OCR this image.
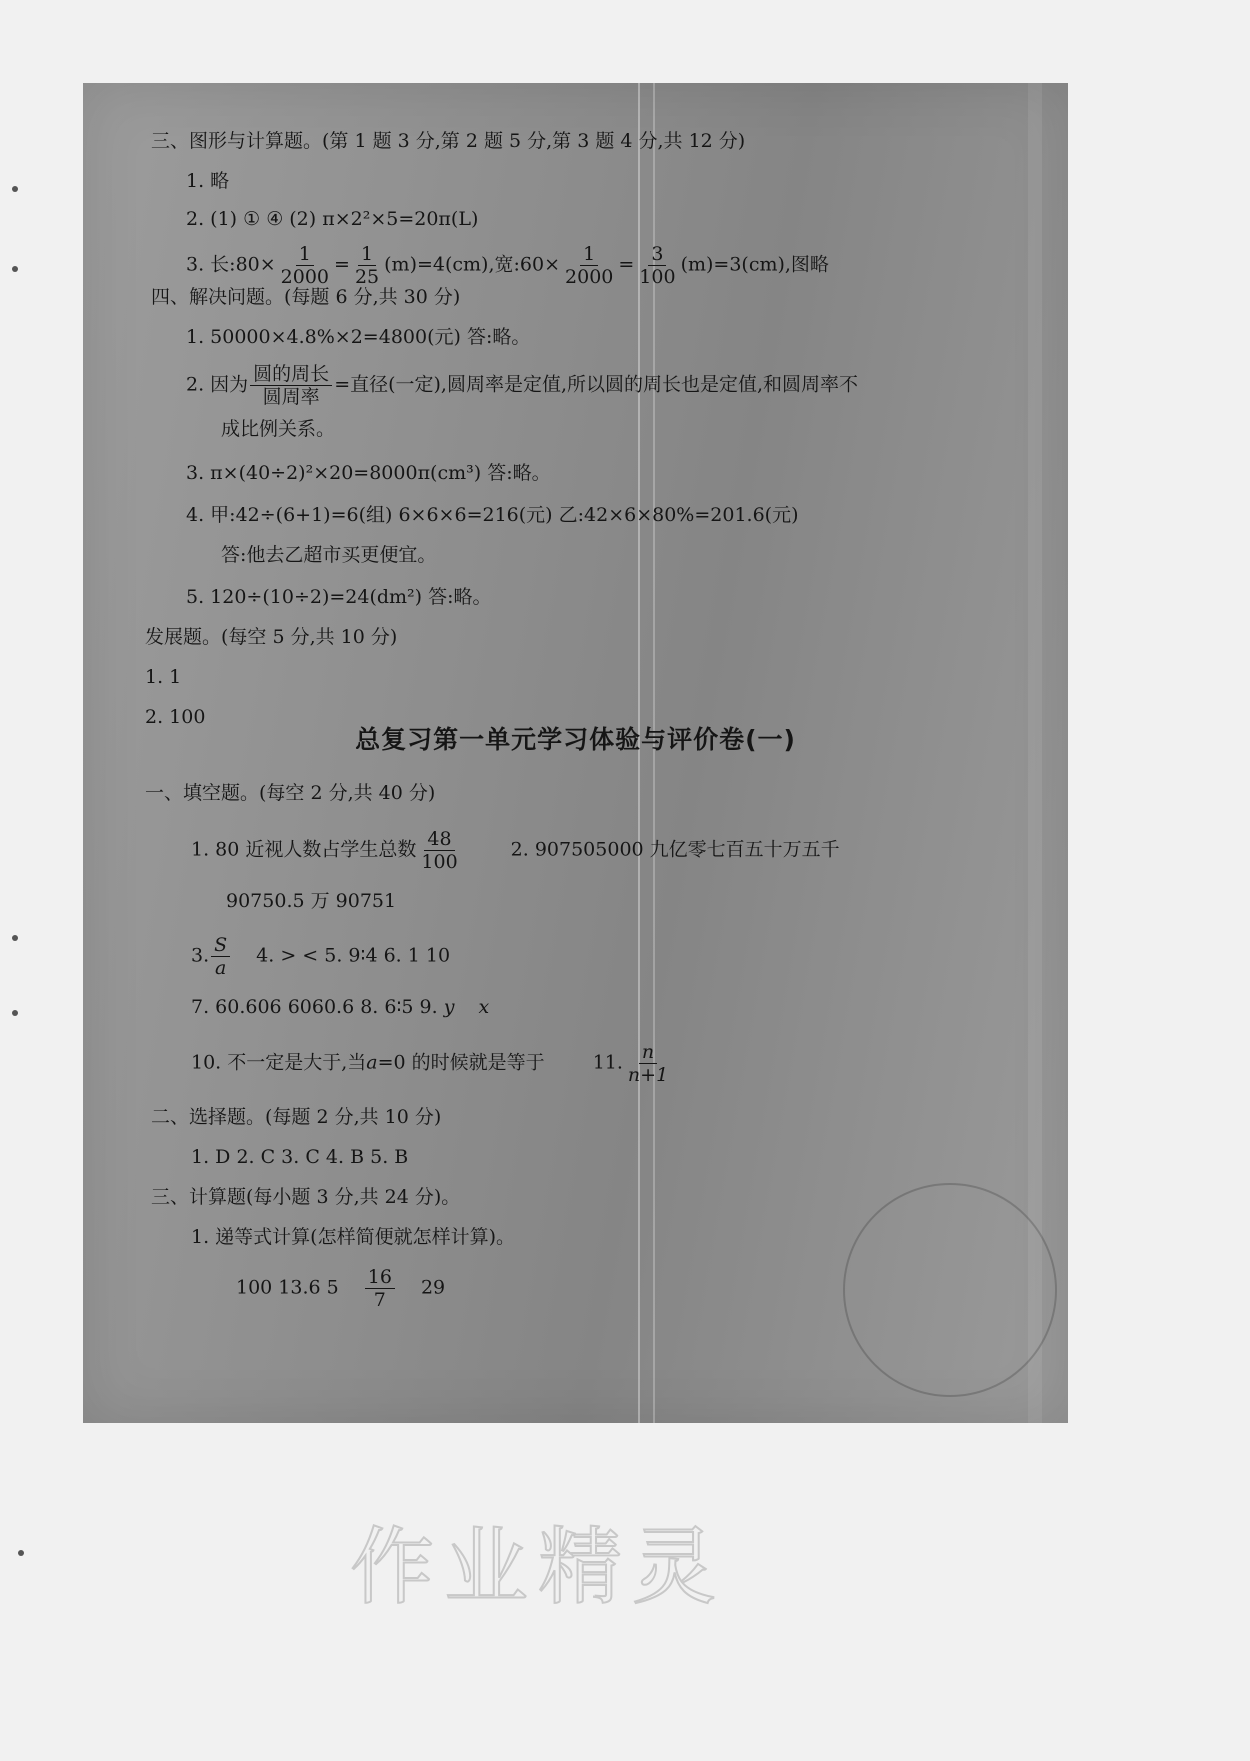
三、图形与计算题。(第 1 题 3 分,第 2 题 5 分,第 3 题 4 分,共 12 分)
1. 略
2. (1) ① ④ (2) π×2²×5=20π(L)
3. 长:80× $\frac{1}{2000} = \frac{1}{25} (m)=4(cm)$,宽:60× $\frac{1}{2000} = \frac{3}{100} (m)=3(cm)$,图略
四、解决问题。(每题 6 分,共 30 分)
1. 50000×4.8%×2=4800(元) 答:略。
2. 因为 $\frac{\text{圆的周长}}{\text{圆周率}}$ =直径(一定),圆周率是定值,所以圆的周长也是定值,和圆周率不
成比例关系。
3. π×(40÷2)²×20=8000π(cm³) 答:略。
4. 甲:42÷(6+1)=6(组) 6×6×6=216(元) 乙:42×6×80%=201.6(元)
答:他去乙超市买更便宜。
5. 120÷(10÷2)=24(dm²) 答:略。
发展题。(每空 5 分,共 10 分)
1. 1
2. 100
总复习第一单元学习体验与评价卷(一)
一、填空题。(每空 2 分,共 40 分)
1. 80 近视人数占学生总数 $\frac{48}{100}$	2. 907505000 九亿零七百五十万五千
90750.5 万 90751
3. $\frac{S}{a} 4$. > < 5. 9∶4 6. 1 10
7. 60.606 6060.6 8. 6∶5 9. y x
10. 不一定是大于,当a=0 的时候就是等于	11. $\frac{n}{n+1}$
二、选择题。(每题 2 分,共 10 分)
1. D 2. C 3. C 4. B 5. B
三、计算题(每小题 3 分,共 24 分)。
1. 递等式计算(怎样简便就怎样计算)。
100 13.6 $5 \frac{16}{7} 29$
作业精灵
